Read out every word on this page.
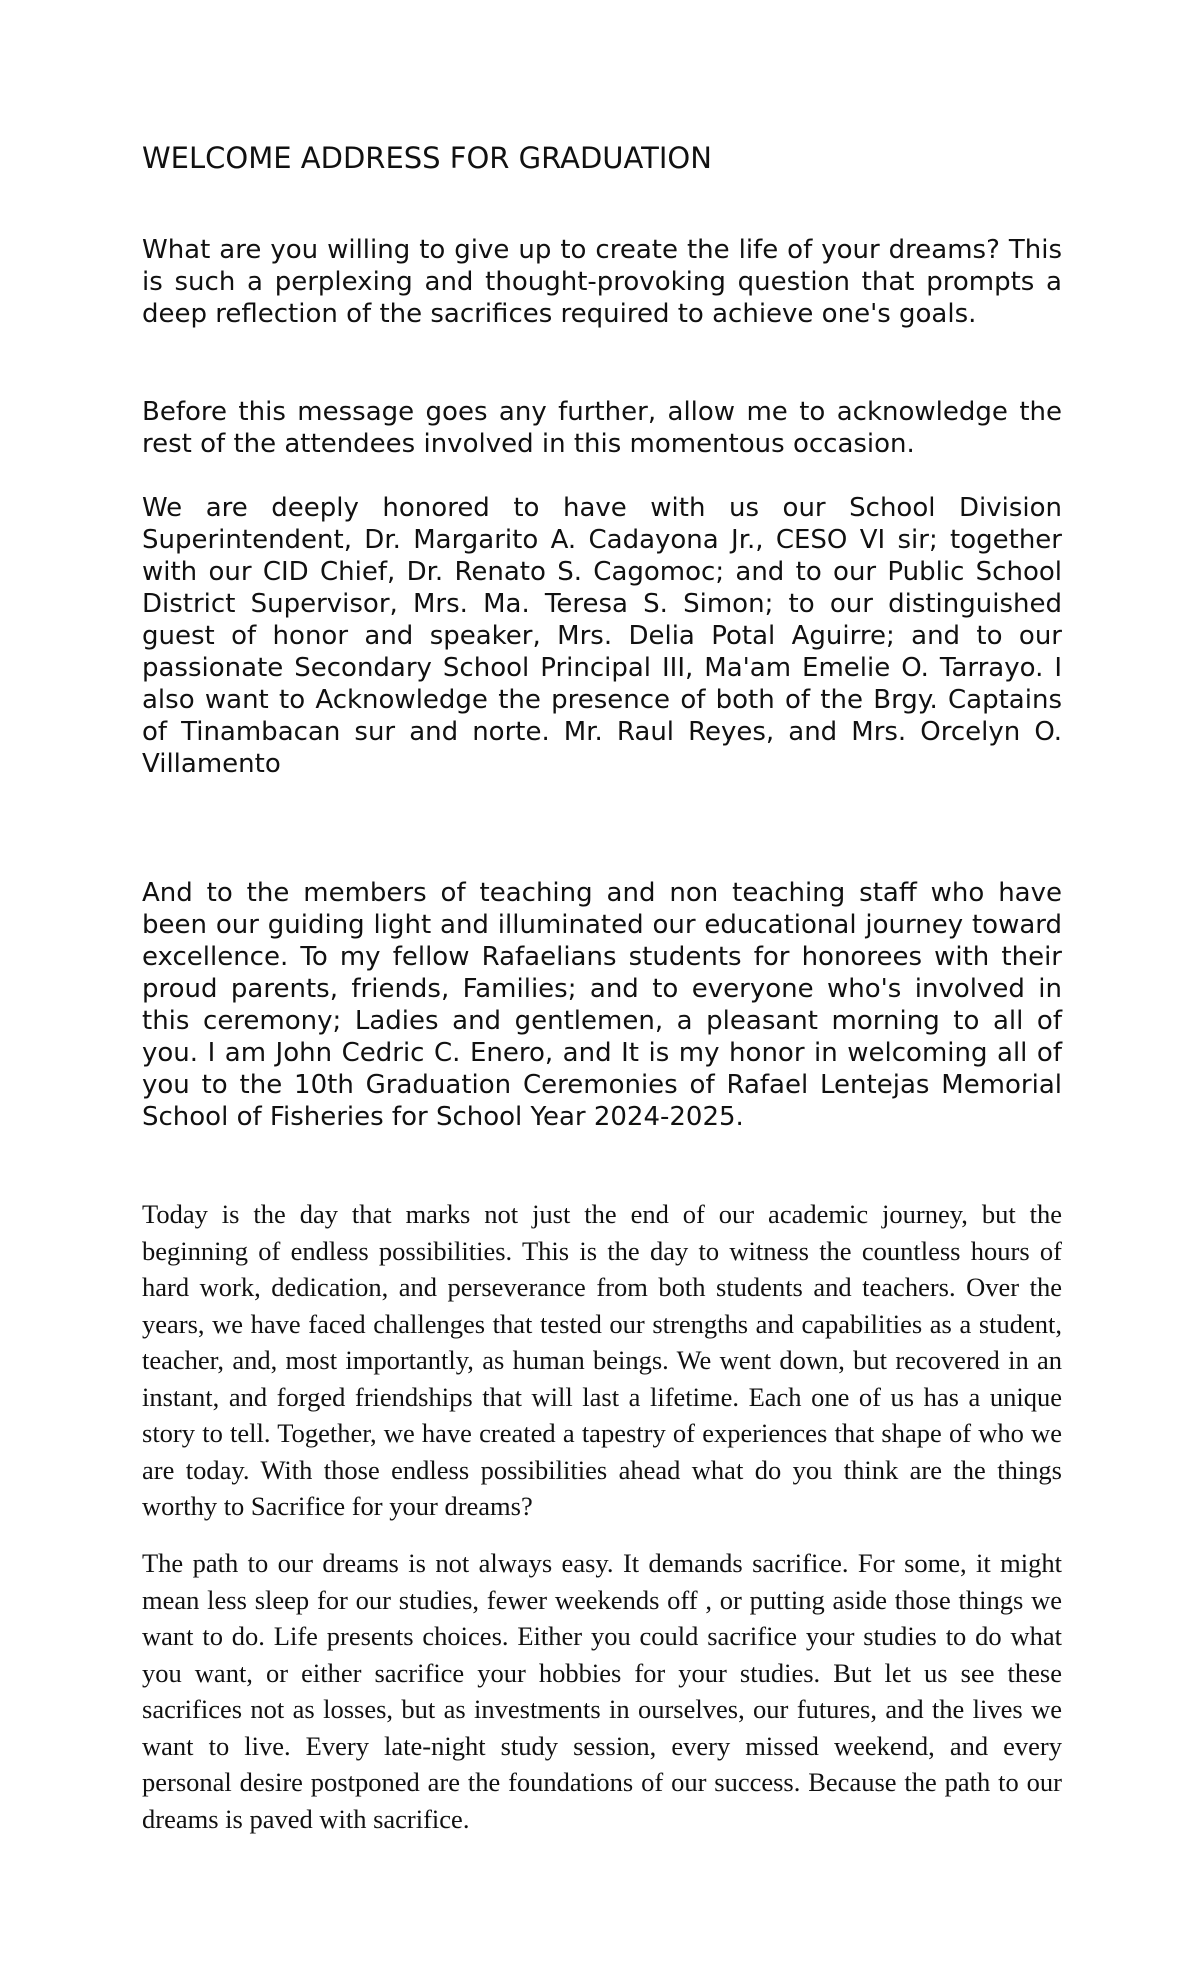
WELCOME ADDRESS FOR GRADUATION

What are you willing to give up to create the life of your dreams? This is such a perplexing and thought-provoking question that prompts a deep reflection of the sacrifices required to achieve one's goals.

Before this message goes any further, allow me to acknowledge the rest of the attendees involved in this momentous occasion.

We are deeply honored to have with us our School Division Superintendent, Dr. Margarito A. Cadayona Jr., CESO VI sir; together with our CID Chief, Dr. Renato S. Cagomoc; and to our Public School District Supervisor, Mrs. Ma. Teresa S. Simon; to our distinguished guest of honor and speaker, Mrs. Delia Potal Aguirre; and to our passionate Secondary School Principal III, Ma'am Emelie O. Tarrayo. I also want to Acknowledge the presence of both of the Brgy. Captains of Tinambacan sur and norte. Mr. Raul Reyes, and Mrs. Orcelyn O. Villamento

And to the members of teaching and non teaching staff who have been our guiding light and illuminated our educational journey toward excellence. To my fellow Rafaelians students for honorees with their proud parents, friends, Families; and to everyone who's involved in this ceremony; Ladies and gentlemen, a pleasant morning to all of you. I am John Cedric C. Enero, and It is my honor in welcoming all of you to the 10th Graduation Ceremonies of Rafael Lentejas Memorial School of Fisheries for School Year 2024-2025.

Today is the day that marks not just the end of our academic journey, but the beginning of endless possibilities. This is the day to witness the countless hours of hard work, dedication, and perseverance from both students and teachers. Over the years, we have faced challenges that tested our strengths and capabilities as a student, teacher, and, most importantly, as human beings. We went down, but recovered in an instant, and forged friendships that will last a lifetime. Each one of us has a unique story to tell. Together, we have created a tapestry of experiences that shape of who we are today. With those endless possibilities ahead what do you think are the things worthy to Sacrifice for your dreams?

The path to our dreams is not always easy. It demands sacrifice. For some, it might mean less sleep for our studies, fewer weekends off , or putting aside those things we want to do. Life presents choices. Either you could sacrifice your studies to do what you want, or either sacrifice your hobbies for your studies. But let us see these sacrifices not as losses, but as investments in ourselves, our futures, and the lives we want to live. Every late-night study session, every missed weekend, and every personal desire postponed are the foundations of our success. Because the path to our dreams is paved with sacrifice.
